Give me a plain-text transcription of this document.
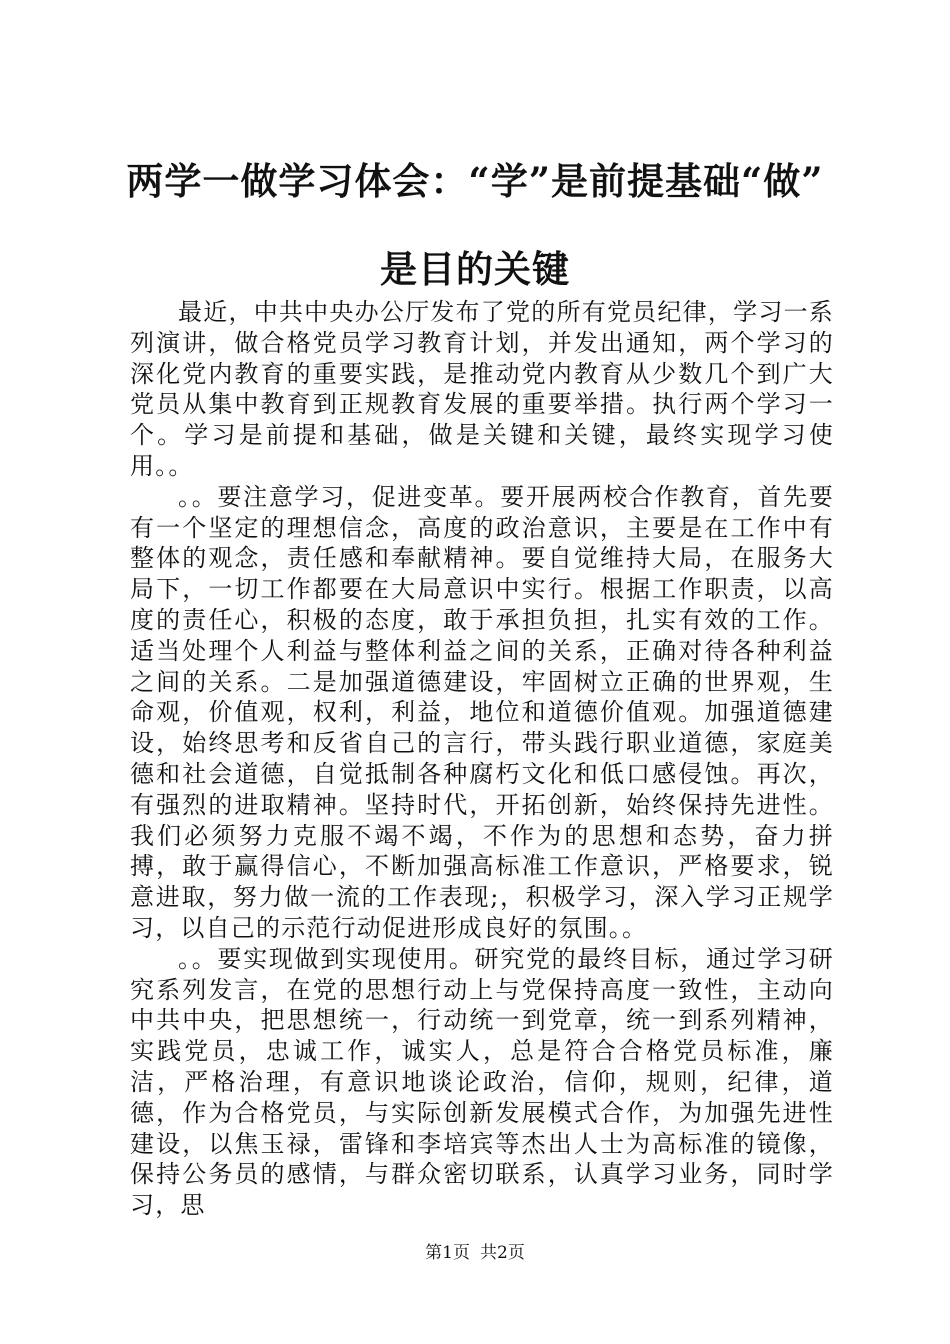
两学一做学习体会：“学”是前提基础“做”
是目的关键

最近，中共中央办公厅发布了党的所有党员纪律，学习一系列演讲，做合格党员学习教育计划，并发出通知，两个学习的深化党内教育的重要实践，是推动党内教育从少数几个到广大党员从集中教育到正规教育发展的重要举措。执行两个学习一个。学习是前提和基础，做是关键和关键，最终实现学习使用。。

。。要注意学习，促进变革。要开展两校合作教育，首先要有一个坚定的理想信念，高度的政治意识，主要是在工作中有整体的观念，责任感和奉献精神。要自觉维持大局，在服务大局下，一切工作都要在大局意识中实行。根据工作职责，以高度的责任心，积极的态度，敢于承担负担，扎实有效的工作。适当处理个人利益与整体利益之间的关系，正确对待各种利益之间的关系。二是加强道德建设，牢固树立正确的世界观，生命观，价值观，权利，利益，地位和道德价值观。加强道德建设，始终思考和反省自己的言行，带头践行职业道德，家庭美德和社会道德，自觉抵制各种腐朽文化和低口感侵蚀。再次，有强烈的进取精神。坚持时代，开拓创新，始终保持先进性。我们必须努力克服不竭不竭，不作为的思想和态势，奋力拼搏，敢于赢得信心，不断加强高标准工作意识，严格要求，锐意进取，努力做一流的工作表现;，积极学习，深入学习正规学习，以自己的示范行动促进形成良好的氛围。。

。。要实现做到实现使用。研究党的最终目标，通过学习研究系列发言，在党的思想行动上与党保持高度一致性，主动向中共中央，把思想统一，行动统一到党章，统一到系列精神，实践党员，忠诚工作，诚实人，总是符合合格党员标准，廉洁，严格治理，有意识地谈论政治，信仰，规则，纪律，道德，作为合格党员，与实际创新发展模式合作，为加强先进性建设，以焦玉禄，雷锋和李培宾等杰出人士为高标准的镜像，保持公务员的感情，与群众密切联系，认真学习业务，同时学习，思

第1页 共2页
